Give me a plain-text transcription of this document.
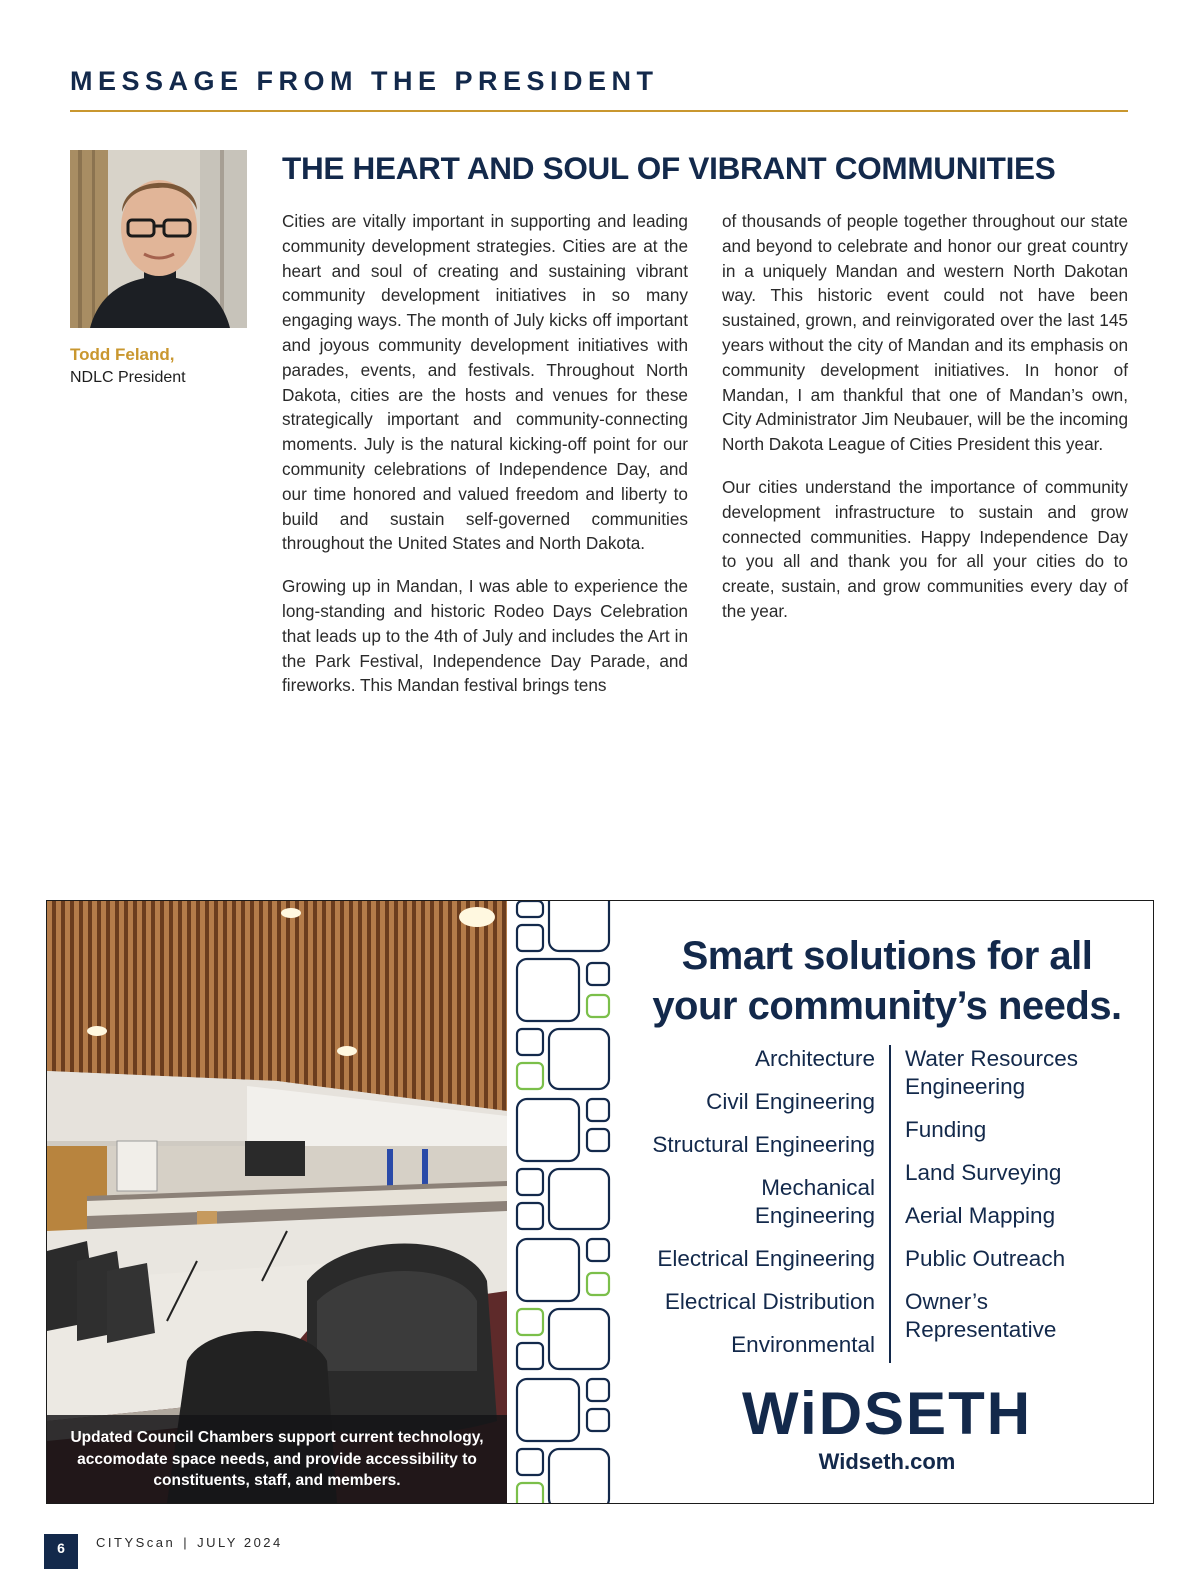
MESSAGE FROM THE PRESIDENT

Todd Feland,

NDLC President

THE HEART AND SOUL OF VIBRANT COMMUNITIES

Cities are vitally important in supporting and leading community development strategies. Cities are at the heart and soul of creating and sustaining vibrant community development initiatives in so many engaging ways. The month of July kicks off important and joyous community development initiatives with parades, events, and festivals. Throughout North Dakota, cities are the hosts and venues for these strategically important and community-connecting moments. July is the natural kicking-off point for our community celebrations of Independence Day, and our time honored and valued freedom and liberty to build and sustain self-governed communities throughout the United States and North Dakota.

Growing up in Mandan, I was able to experience the long-standing and historic Rodeo Days Celebration that leads up to the 4th of July and includes the Art in the Park Festival, Independence Day Parade, and fireworks. This Mandan festival brings tens

of thousands of people together throughout our state and beyond to celebrate and honor our great country in a uniquely Mandan and western North Dakotan way. This historic event could not have been sustained, grown, and reinvigorated over the last 145 years without the city of Mandan and its emphasis on community development initiatives. In honor of Mandan, I am thankful that one of Mandan’s own, City Administrator Jim Neubauer, will be the incoming North Dakota League of Cities President this year.

Our cities understand the importance of community development infrastructure to sustain and grow connected communities. Happy Independence Day to you all and thank you for all your cities do to create, sustain, and grow communities every day of the year.

Updated Council Chambers support current technology, accomodate space needs, and provide accessibility to constituents, staff, and members.
Smart solutions for all
your community’s needs.
Architecture
Civil Engineering
Structural Engineering
Mechanical Engineering
Electrical Engineering
Electrical Distribution
Environmental
Water Resources Engineering
Funding
Land Surveying
Aerial Mapping
Public Outreach
Owner’s Representative
WiDSETH
Widseth.com
6	CITYScan | JULY 2024
